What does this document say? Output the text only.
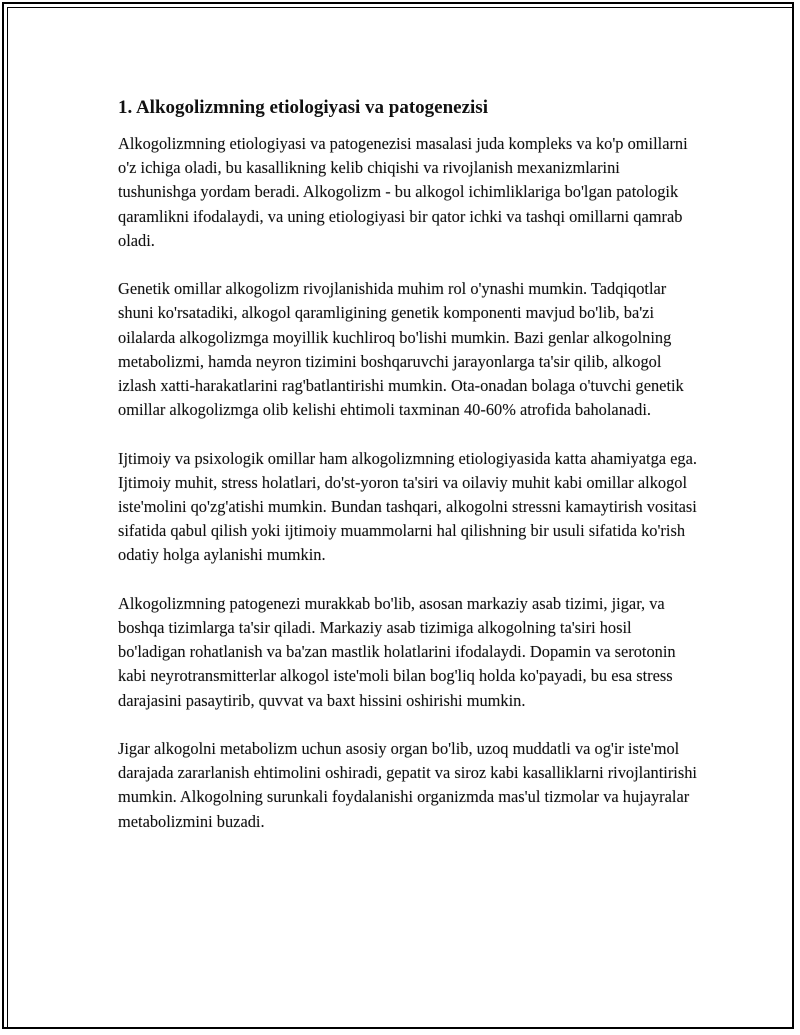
1. Alkogolizmning etiologiyasi va patogenezisi

Alkogolizmning etiologiyasi va patogenezisi masalasi juda kompleks va ko'p omillarni o'z ichiga oladi, bu kasallikning kelib chiqishi va rivojlanish mexanizmlarini tushunishga yordam beradi. Alkogolizm - bu alkogol ichimliklariga bo'lgan patologik qaramlikni ifodalaydi, va uning etiologiyasi bir qator ichki va tashqi omillarni qamrab oladi.

Genetik omillar alkogolizm rivojlanishida muhim rol o'ynashi mumkin. Tadqiqotlar shuni ko'rsatadiki, alkogol qaramligining genetik komponenti mavjud bo'lib, ba'zi oilalarda alkogolizmga moyillik kuchliroq bo'lishi mumkin. Bazi genlar alkogolning metabolizmi, hamda neyron tizimini boshqaruvchi jarayonlarga ta'sir qilib, alkogol izlash xatti-harakatlarini rag'batlantirishi mumkin. Ota-onadan bolaga o'tuvchi genetik omillar alkogolizmga olib kelishi ehtimoli taxminan 40-60% atrofida baholanadi.

Ijtimoiy va psixologik omillar ham alkogolizmning etiologiyasida katta ahamiyatga ega. Ijtimoiy muhit, stress holatlari, do'st-yoron ta'siri va oilaviy muhit kabi omillar alkogol iste'molini qo'zg'atishi mumkin. Bundan tashqari, alkogolni stressni kamaytirish vositasi sifatida qabul qilish yoki ijtimoiy muammolarni hal qilishning bir usuli sifatida ko'rish odatiy holga aylanishi mumkin.

Alkogolizmning patogenezi murakkab bo'lib, asosan markaziy asab tizimi, jigar, va boshqa tizimlarga ta'sir qiladi. Markaziy asab tizimiga alkogolning ta'siri hosil bo'ladigan rohatlanish va ba'zan mastlik holatlarini ifodalaydi. Dopamin va serotonin kabi neyrotransmitterlar alkogol iste'moli bilan bog'liq holda ko'payadi, bu esa stress darajasini pasaytirib, quvvat va baxt hissini oshirishi mumkin.

Jigar alkogolni metabolizm uchun asosiy organ bo'lib, uzoq muddatli va og'ir iste'mol darajada zararlanish ehtimolini oshiradi, gepatit va siroz kabi kasalliklarni rivojlantirishi mumkin. Alkogolning surunkali foydalanishi organizmda mas'ul tizmolar va hujayralar metabolizmini buzadi.
